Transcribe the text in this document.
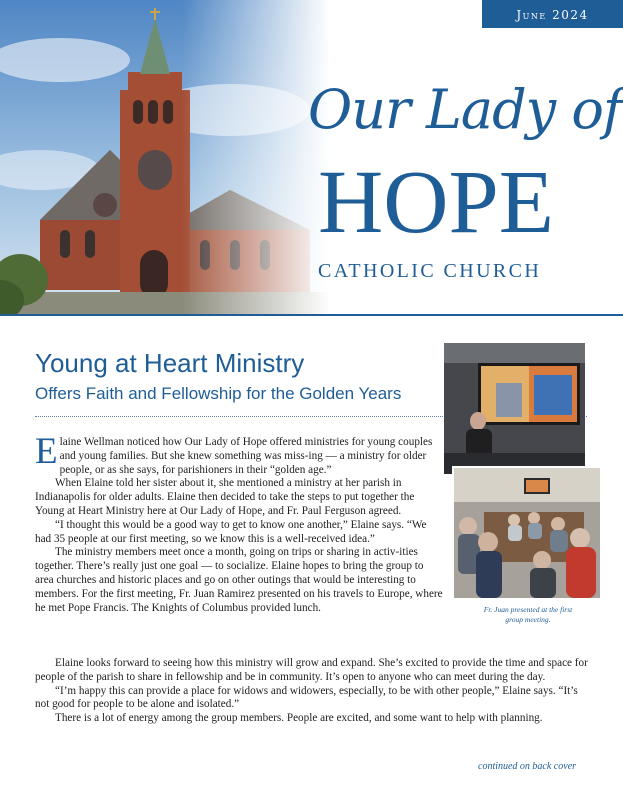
June 2024
Our Lady of
HOPE
CATHOLIC CHURCH
Young at Heart Ministry
Offers Faith and Fellowship for the Golden Years
Fr. Juan presented at the first group meeting.

Elaine Wellman noticed how Our Lady of Hope offered ministries for young couples and young families. But she knew something was miss-ing — a ministry for older people, or as she says, for parishioners in their “golden age.”

When Elaine told her sister about it, she mentioned a ministry at her parish in Indianapolis for older adults. Elaine then decided to take the steps to put together the Young at Heart Ministry here at Our Lady of Hope, and Fr. Paul Ferguson agreed.

“I thought this would be a good way to get to know one another,” Elaine says. “We had 35 people at our first meeting, so we know this is a well-received idea.”

The ministry members meet once a month, going on trips or sharing in activ-ities together. There’s really just one goal — to socialize. Elaine hopes to bring the group to area churches and historic places and go on other outings that would be interesting to members. For the first meeting, Fr. Juan Ramirez presented on his travels to Europe, where he met Pope Francis. The Knights of Columbus provided lunch.

Elaine looks forward to seeing how this ministry will grow and expand. She’s excited to provide the time and space for people of the parish to share in fellowship and be in community. It’s open to anyone who can meet during the day.

“I’m happy this can provide a place for widows and widowers, especially, to be with other people,” Elaine says. “It’s not good for people to be alone and isolated.”

There is a lot of energy among the group members. People are excited, and some want to help with planning.

continued on back cover
